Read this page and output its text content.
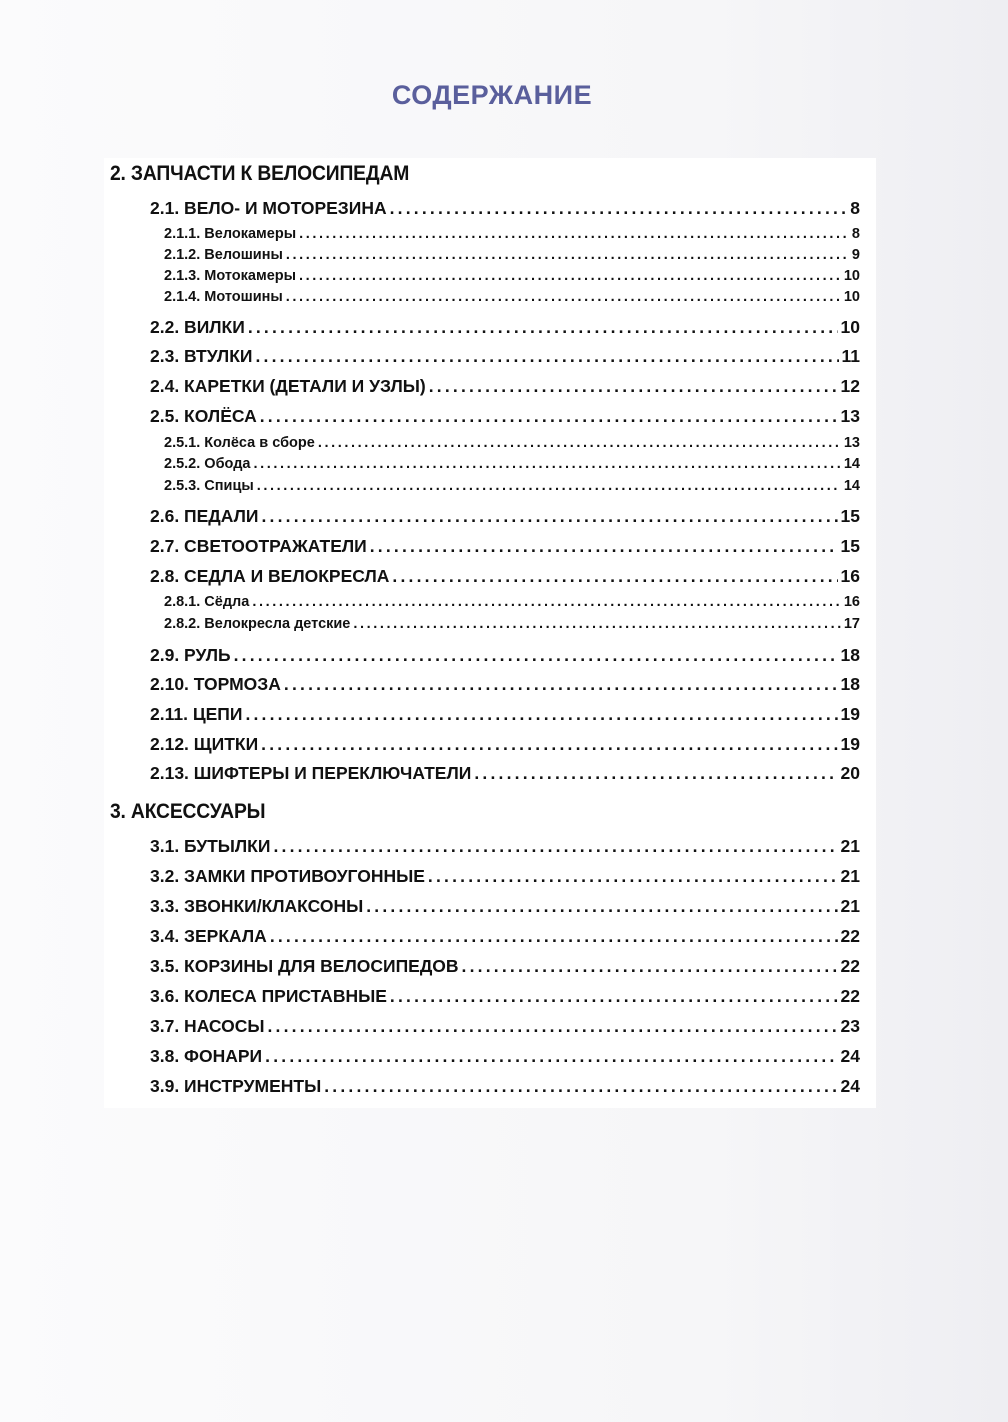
СОДЕРЖАНИЕ
2. ЗАПЧАСТИ К ВЕЛОСИПЕДАМ
2.1. ВЕЛО- И МОТОРЕЗИНА .....	8
2.1.1. Велокамеры .....	8
2.1.2. Велошины .....	9
2.1.3. Мотокамеры .....	10
2.1.4. Мотошины .....	10
2.2. ВИЛКИ .....	10
2.3. ВТУЛКИ .....	11
2.4. КАРЕТКИ (ДЕТАЛИ И УЗЛЫ) .....	12
2.5. КОЛЁСА .....	13
2.5.1. Колёса в сборе .....	13
2.5.2. Обода .....	14
2.5.3. Спицы .....	14
2.6. ПЕДАЛИ .....	15
2.7. СВЕТООТРАЖАТЕЛИ .....	15
2.8. СЕДЛА И ВЕЛОКРЕСЛА .....	16
2.8.1. Сёдла .....	16
2.8.2. Велокресла детские .....	17
2.9. РУЛЬ .....	18
2.10. ТОРМОЗА .....	18
2.11. ЦЕПИ .....	19
2.12. ЩИТКИ .....	19
2.13. ШИФТЕРЫ И ПЕРЕКЛЮЧАТЕЛИ .....	20
3. АКСЕССУАРЫ
3.1. БУТЫЛКИ .....	21
3.2. ЗАМКИ ПРОТИВОУГОННЫЕ .....	21
3.3. ЗВОНКИ/КЛАКСОНЫ .....	21
3.4. ЗЕРКАЛА .....	22
3.5. КОРЗИНЫ ДЛЯ ВЕЛОСИПЕДОВ .....	22
3.6. КОЛЕСА ПРИСТАВНЫЕ .....	22
3.7. НАСОСЫ .....	23
3.8. ФОНАРИ .....	24
3.9. ИНСТРУМЕНТЫ .....	24
